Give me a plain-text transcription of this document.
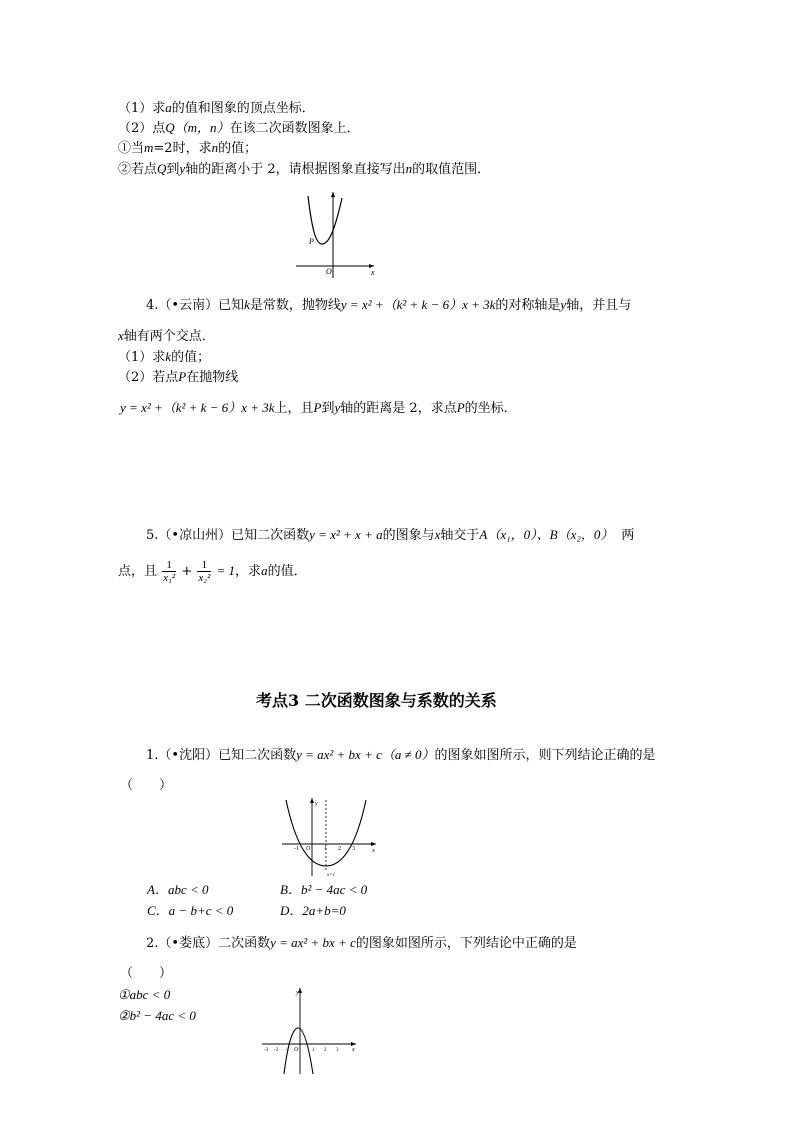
（1）求a的值和图象的顶点坐标．
（2）点Q（m，n）在该二次函数图象上．
①当m=2时，求n的值；
②若点Q到y轴的距离小于 2，请根据图象直接写出n的取值范围．
P
O	x
4.（•云南）已知k是常数，抛物线y = x² +（k² + k − 6）x + 3k的对称轴是y轴，并且与
x轴有两个交点．
（1）求k的值；
（2）若点P在抛物线
y = x² +（k² + k − 6）x + 3k上，且P到y轴的距离是 2，求点P的坐标．
5.（•凉山州）已知二次函数y = x² + x + a的图象与x轴交于A（x₁，0）、B（x₂，0） 两
点，且 $\frac{1}{\text{x₁²}} + \frac{1}{\text{x₂²}} = 1$，求a的值．
考点3 二次函数图象与系数的关系
1.（•沈阳）已知二次函数y = ax² + bx + c（a ≠ 0）的图象如图所示，则下列结论正确的是
（　　）
y
O
-1	1 2 3	x
x=1
A．abc < 0	B．b² − 4ac < 0
C．a − b+c < 0	D．2a+b=0
2.（•娄底）二次函数y = ax² + bx + c的图象如图所示，下列结论中正确的是
（　　）
①abc < 0
②b² − 4ac < 0
y
x
O
-3 -2 -1	1 2 3
